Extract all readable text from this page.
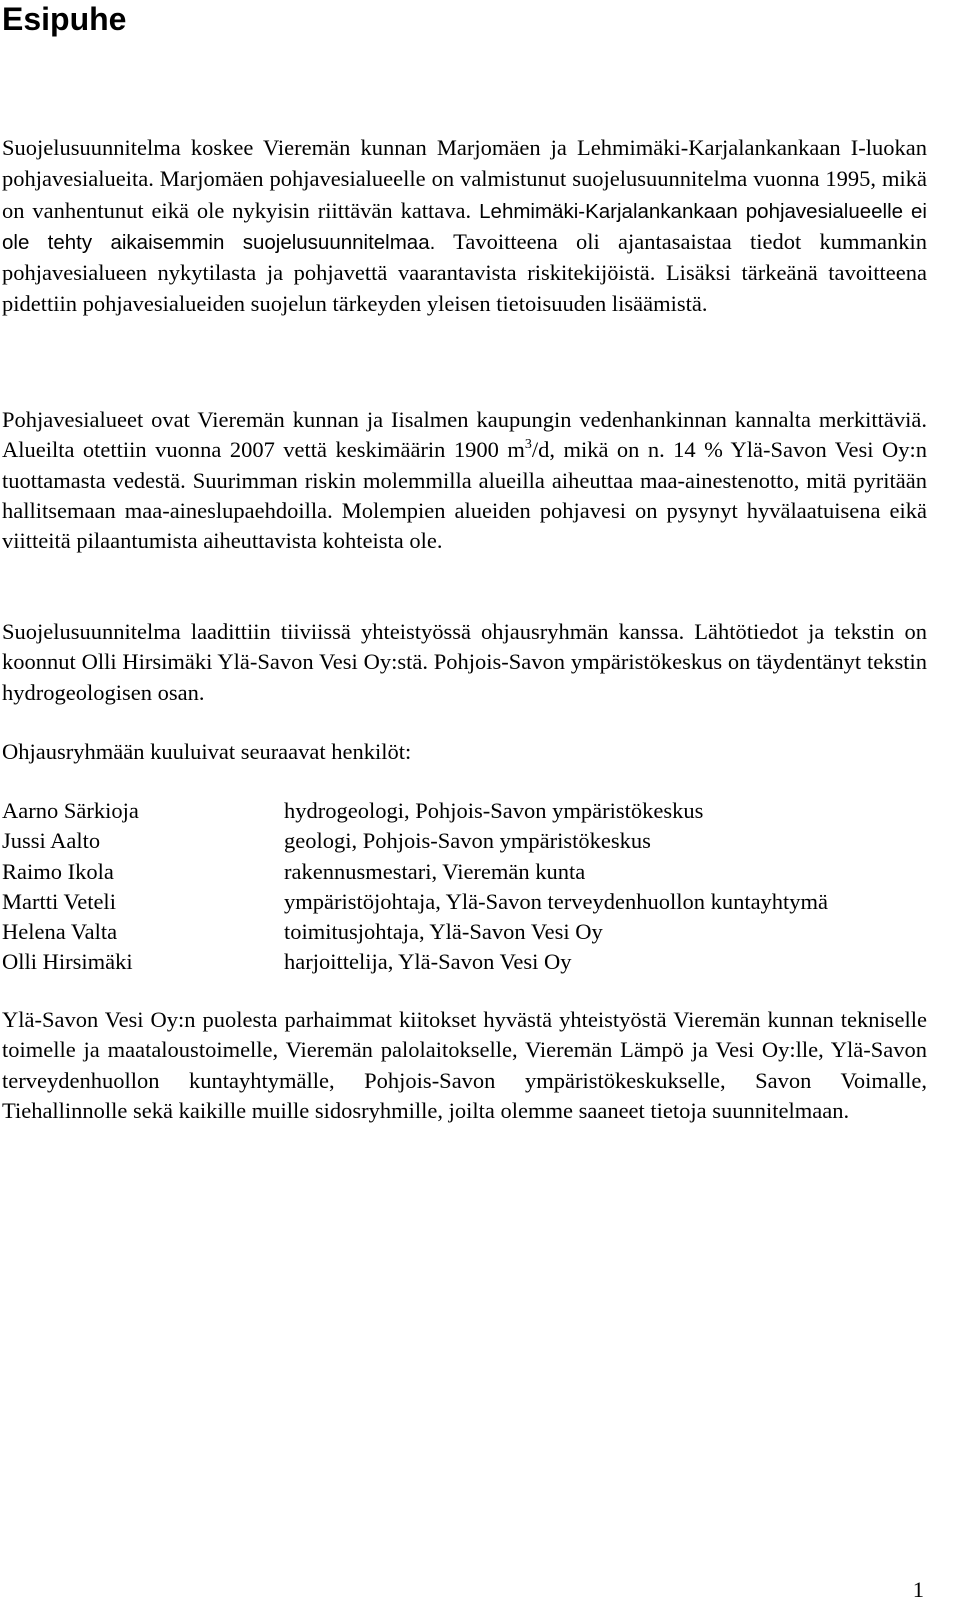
Esipuhe

Suojelusuunnitelma koskee Vieremän kunnan Marjomäen ja Lehmimäki-Karjalankankaan I-luokan pohjavesialueita. Marjomäen pohjavesialueelle on valmistunut suojelusuunnitelma vuonna 1995, mikä on vanhentunut eikä ole nykyisin riittävän kattava. Lehmimäki-Karjalankankaan pohjavesialueelle ei ole tehty aikaisemmin suojelusuunnitelmaa. Tavoitteena oli ajantasaistaa tiedot kummankin pohjavesialueen nykytilasta ja pohjavettä vaarantavista riskitekijöistä. Lisäksi tärkeänä tavoitteena pidettiin pohjavesialueiden suojelun tärkeyden yleisen tietoisuuden lisäämistä.

Pohjavesialueet ovat Vieremän kunnan ja Iisalmen kaupungin vedenhankinnan kannalta merkittäviä. Alueilta otettiin vuonna 2007 vettä keskimäärin 1900 $m^3/d$, mikä on n. 14 % Ylä-Savon Vesi Oy:n tuottamasta vedestä. Suurimman riskin molemmilla alueilla aiheuttaa maa-ainestenotto, mitä pyritään hallitsemaan maa-aineslupaehdoilla. Molempien alueiden pohjavesi on pysynyt hyvälaatuisena eikä viitteitä pilaantumista aiheuttavista kohteista ole.

Suojelusuunnitelma laadittiin tiiviissä yhteistyössä ohjausryhmän kanssa. Lähtötiedot ja tekstin on koonnut Olli Hirsimäki Ylä-Savon Vesi Oy:stä. Pohjois-Savon ympäristökeskus on täydentänyt tekstin hydrogeologisen osan.

Ohjausryhmään kuuluivat seuraavat henkilöt:

Aarno Särkioja	hydrogeologi, Pohjois-Savon ympäristökeskus
Jussi Aalto	geologi, Pohjois-Savon ympäristökeskus
Raimo Ikola	rakennusmestari, Vieremän kunta
Martti Veteli	ympäristöjohtaja, Ylä-Savon terveydenhuollon kuntayhtymä
Helena Valta	toimitusjohtaja, Ylä-Savon Vesi Oy
Olli Hirsimäki	harjoittelija, Ylä-Savon Vesi Oy

Ylä-Savon Vesi Oy:n puolesta parhaimmat kiitokset hyvästä yhteistyöstä Vieremän kunnan tekniselle toimelle ja maataloustoimelle, Vieremän palolaitokselle, Vieremän Lämpö ja Vesi Oy:lle, Ylä-Savon terveydenhuollon kuntayhtymälle, Pohjois-Savon ympäristökeskukselle, Savon Voimalle, Tiehallinnolle sekä kaikille muille sidosryhmille, joilta olemme saaneet tietoja suunnitelmaan.

1
